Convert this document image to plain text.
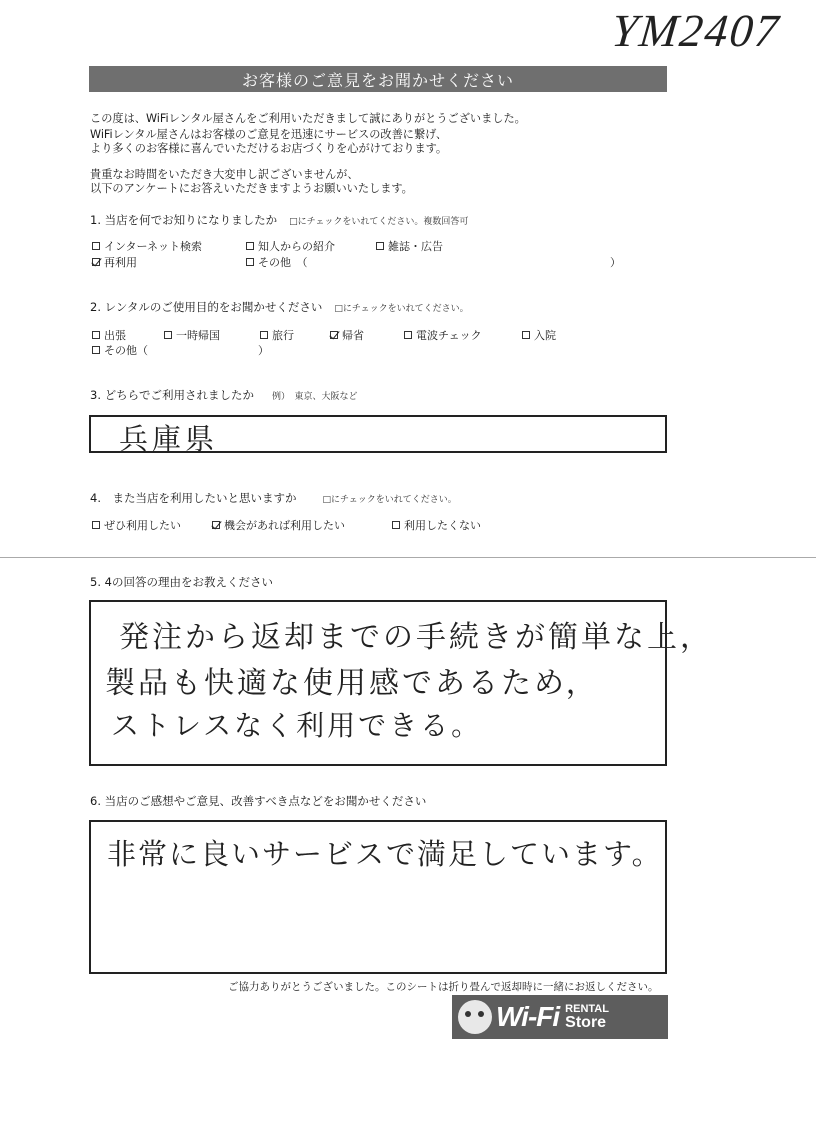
YM2407
お客様のご意見をお聞かせください
この度は、WiFiレンタル屋さんをご利用いただきまして誠にありがとうございました。
WiFiレンタル屋さんはお客様のご意見を迅速にサービスの改善に繋げ、
より多くのお客様に喜んでいただけるお店づくりを心がけております。
貴重なお時間をいただき大変申し訳ございませんが、
以下のアンケートにお答えいただきますようお願いいたします。
1. 当店を何でお知りになりましたか □にチェックをいれてください。複数回答可
インターネット検索	知人からの紹介	雑誌・広告
再利用	その他　（	）
2. レンタルのご使用目的をお聞かせください □にチェックをいれてください。
出張	一時帰国	旅行	帰省	電波チェック	入院
その他（	）
3. どちらでご利用されましたか 例）　東京、大阪など
兵庫県
4.　また当店を利用したいと思いますか	□にチェックをいれてください。
ぜひ利用したい	機会があれば利用したい	利用したくない
5. 4の回答の理由をお教えください
発注から返却までの手続きが簡単な上，
製品も快適な使用感であるため，
ストレスなく利用できる。
6. 当店のご感想やご意見、改善すべき点などをお聞かせください
非常に良いサービスで満足しています。
ご協力ありがとうございました。このシートは折り畳んで返却時に一緒にお返しください。
Wi-Fi RENTAL
Store
